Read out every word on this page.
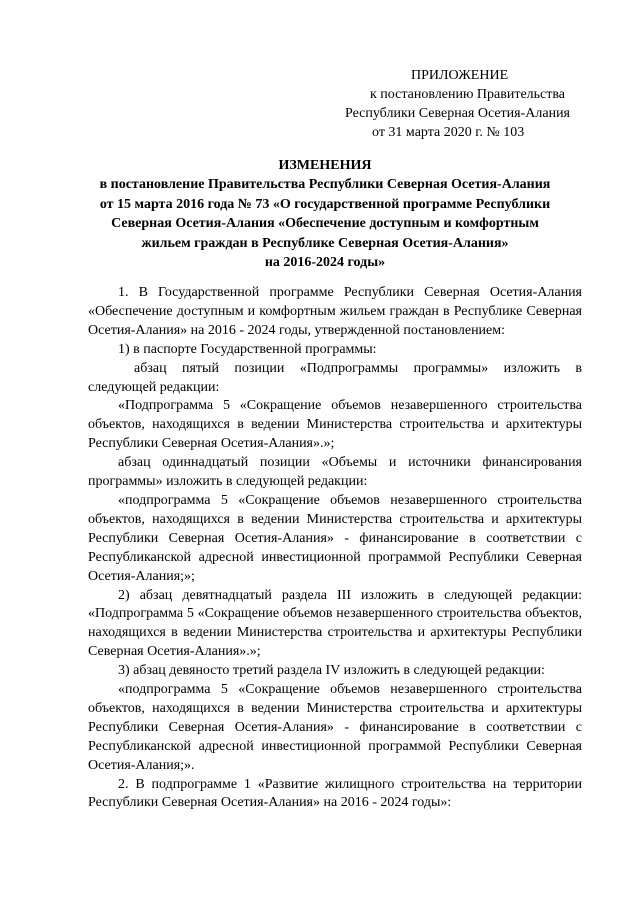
ПРИЛОЖЕНИЕ
к постановлению Правительства
Республики Северная Осетия-Алания
от 31 марта 2020 г. № 103
ИЗМЕНЕНИЯ
в постановление Правительства Республики Северная Осетия-Алания
от 15 марта 2016 года № 73 «О государственной программе Республики
Северная Осетия-Алания «Обеспечение доступным и комфортным
жильем граждан в Республике Северная Осетия-Алания»
на 2016-2024 годы»

1. В Государственной программе Республики Северная Осетия-Алания «Обеспечение доступным и комфортным жильем граждан в Республике Северная Осетия-Алания» на 2016 - 2024 годы, утвержденной постановлением:

1) в паспорте Государственной программы:

абзац пятый позиции «Подпрограммы программы» изложить в следующей редакции:

«Подпрограмма 5 «Сокращение объемов незавершенного строительства объектов, находящихся в ведении Министерства строительства и архитектуры Республики Северная Осетия-Алания».»;

абзац одиннадцатый позиции «Объемы и источники финансирования программы» изложить в следующей редакции:

«подпрограмма 5 «Сокращение объемов незавершенного строительства объектов, находящихся в ведении Министерства строительства и архитектуры Республики Северная Осетия-Алания» - финансирование в соответствии с Республиканской адресной инвестиционной программой Республики Северная Осетия-Алания;»;

2) абзац девятнадцатый раздела III изложить в следующей редакции: «Подпрограмма 5 «Сокращение объемов незавершенного строительства объектов, находящихся в ведении Министерства строительства и архитектуры Республики Северная Осетия-Алания».»;

3) абзац девяносто третий раздела IV изложить в следующей редакции:

«подпрограмма 5 «Сокращение объемов незавершенного строительства объектов, находящихся в ведении Министерства строительства и архитектуры Республики Северная Осетия-Алания» - финансирование в соответствии с Республиканской адресной инвестиционной программой Республики Северная Осетия-Алания;».

2. В подпрограмме 1 «Развитие жилищного строительства на территории Республики Северная Осетия-Алания» на 2016 - 2024 годы»:
